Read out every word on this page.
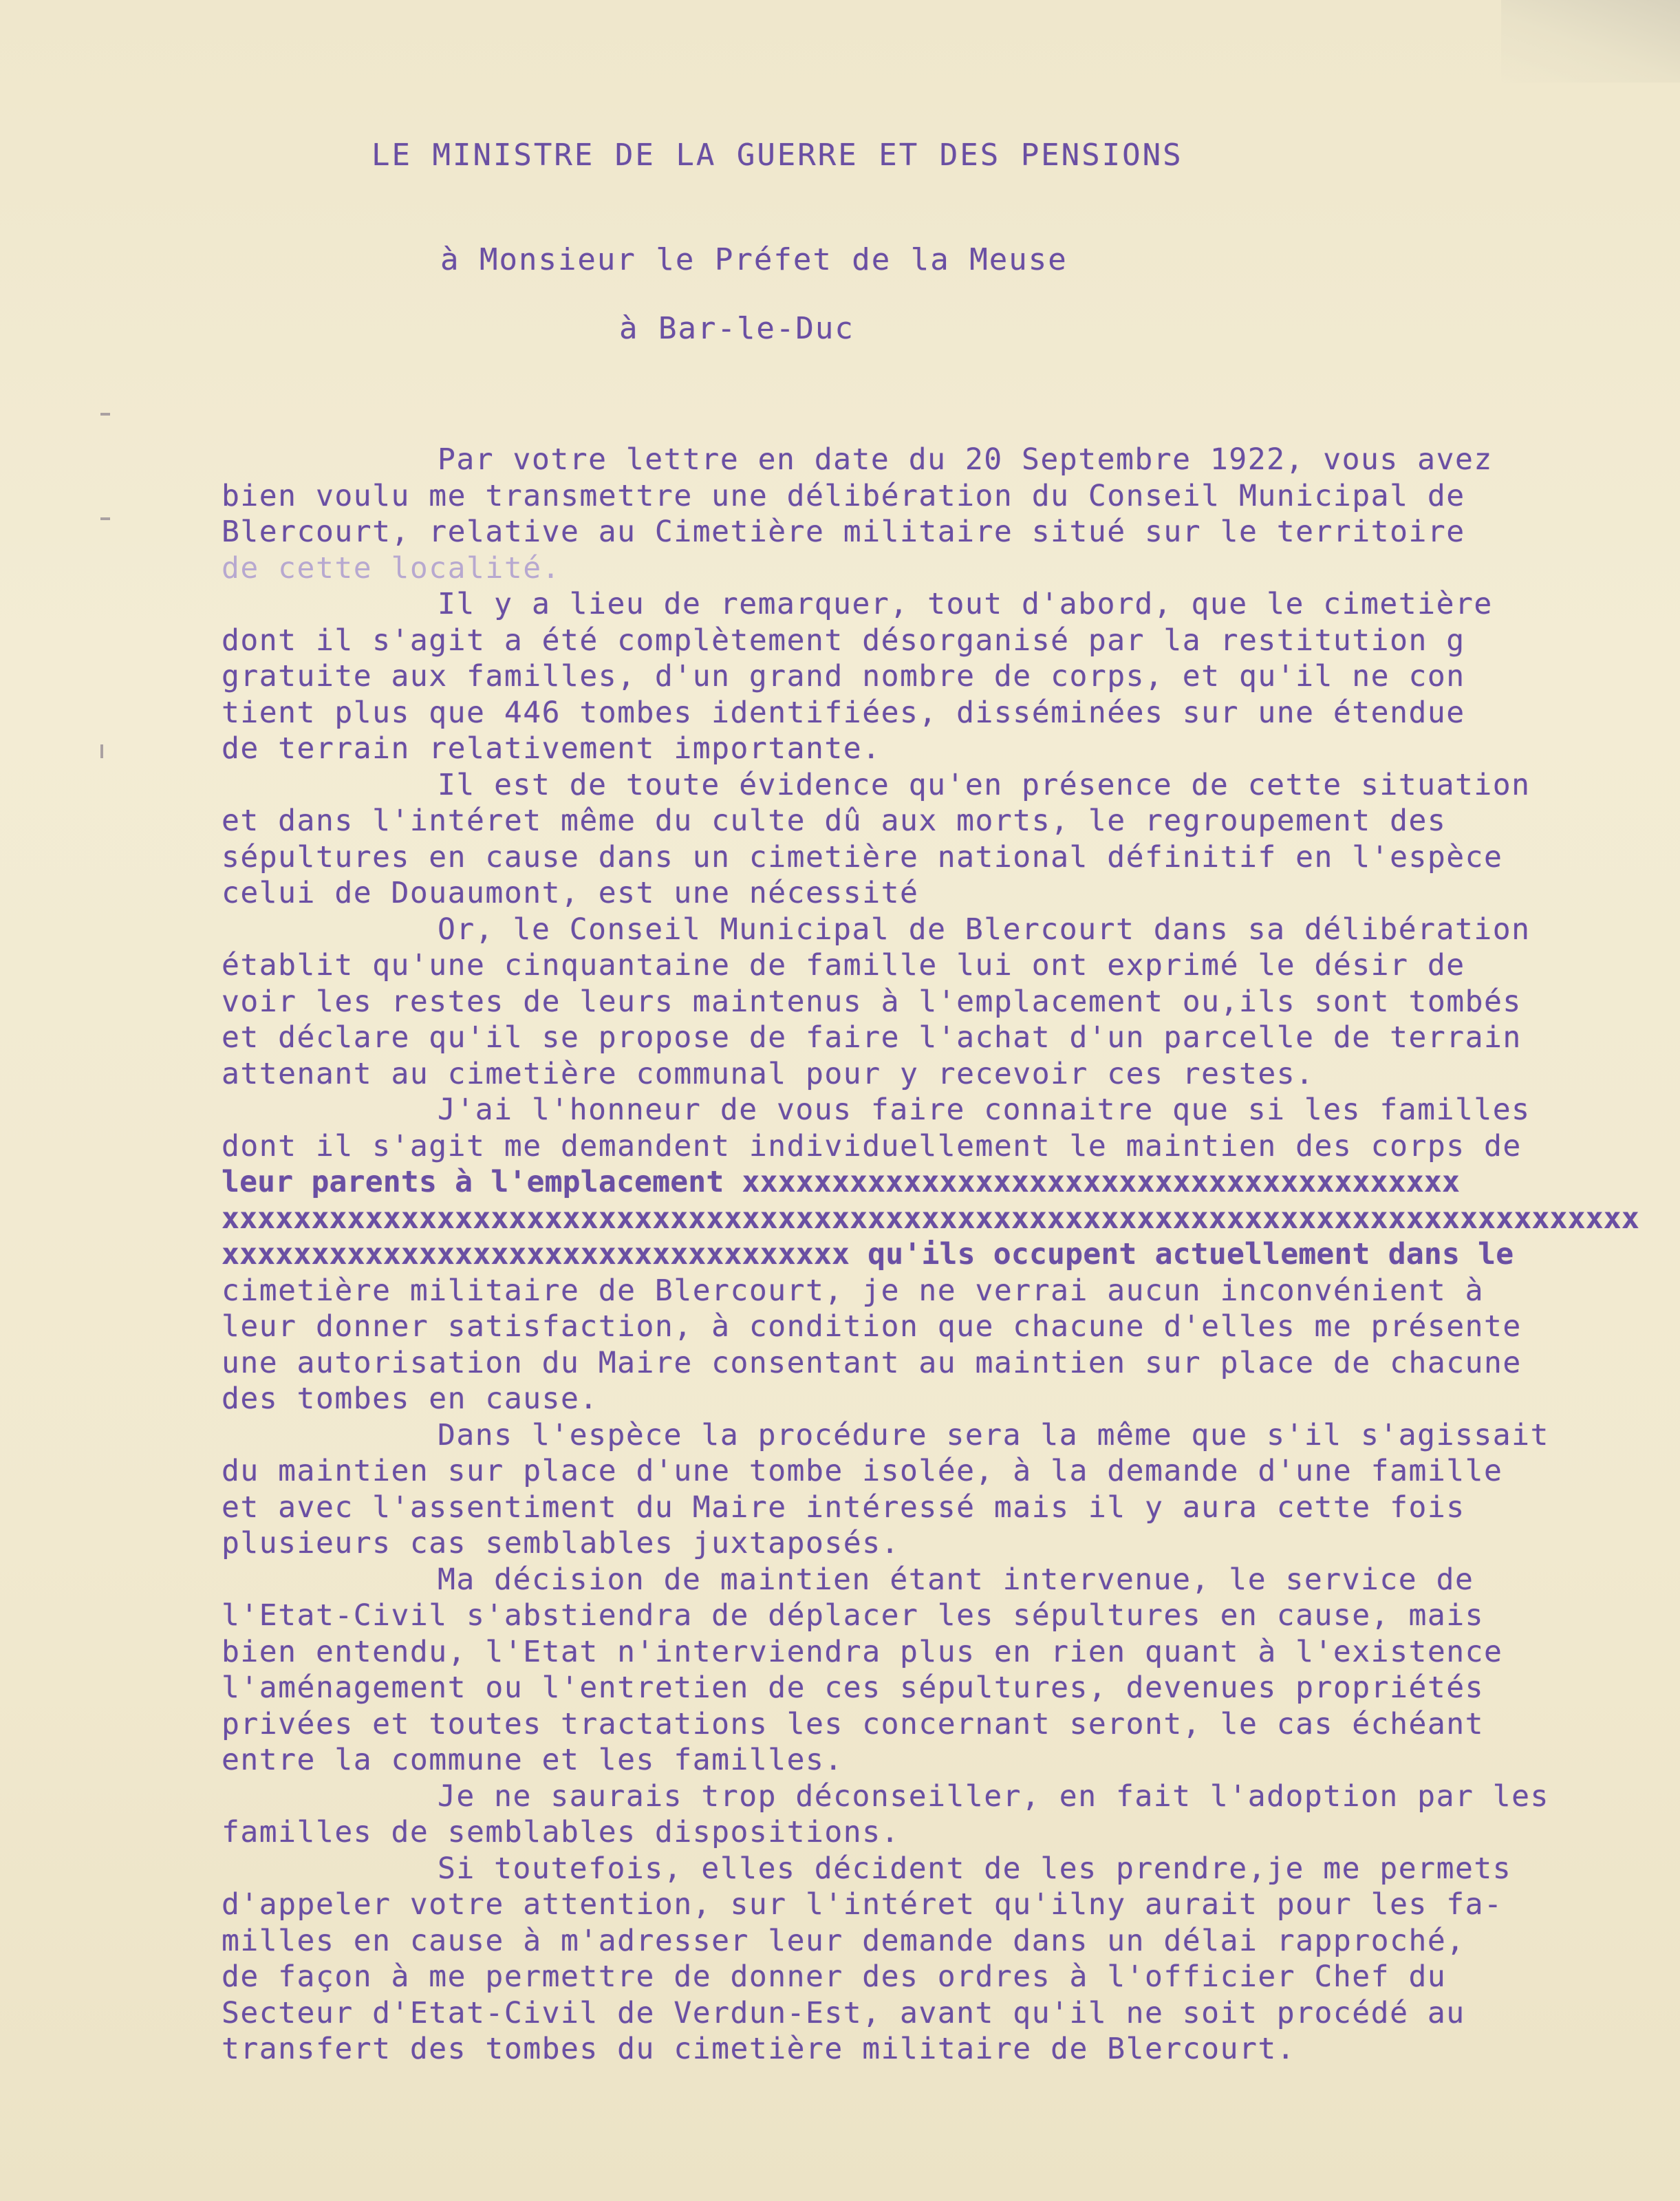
LE MINISTRE DE LA GUERRE ET DES PENSIONS
à Monsieur le Préfet de la Meuse
à Bar-le-Duc
Par votre lettre en date du 20 Septembre 1922, vous avez
bien voulu me transmettre une délibération du Conseil Municipal de
Blercourt, relative au Cimetière militaire situé sur le territoire
de cette localité.
Il y a lieu de remarquer, tout d'abord, que le cimetière
dont il s'agit a été complètement désorganisé par la restitution g
gratuite aux familles, d'un grand nombre de corps, et qu'il ne con
tient plus que 446 tombes identifiées, disséminées sur une étendue
de terrain relativement importante.
Il est de toute évidence qu'en présence de cette situation
et dans l'intéret même du culte dû aux morts, le regroupement des
sépultures en cause dans un cimetière national définitif en l'espèce
celui de Douaumont, est une nécessité
Or, le Conseil Municipal de Blercourt dans sa délibération
établit qu'une cinquantaine de famille lui ont exprimé le désir de
voir les restes de leurs maintenus à l'emplacement ou,ils sont tombés
et déclare qu'il se propose de faire l'achat d'un parcelle de terrain
attenant au cimetière communal pour y recevoir ces restes.
J'ai l'honneur de vous faire connaitre que si les familles
dont il s'agit me demandent individuellement le maintien des corps de
leur parents à l'emplacement xxxxxxxxxxxxxxxxxxxxxxxxxxxxxxxxxxxxxxxx
xxxxxxxxxxxxxxxxxxxxxxxxxxxxxxxxxxxxxxxxxxxxxxxxxxxxxxxxxxxxxxxxxxxxxxxxxxxxxxx
xxxxxxxxxxxxxxxxxxxxxxxxxxxxxxxxxxx qu'ils occupent actuellement dans le
cimetière militaire de Blercourt, je ne verrai aucun inconvénient à
leur donner satisfaction, à condition que chacune d'elles me présente
une autorisation du Maire consentant au maintien sur place de chacune
des tombes en cause.
Dans l'espèce la procédure sera la même que s'il s'agissait
du maintien sur place d'une tombe isolée, à la demande d'une famille
et avec l'assentiment du Maire intéressé mais il y aura cette fois
plusieurs cas semblables juxtaposés.
Ma décision de maintien étant intervenue, le service de
l'Etat-Civil s'abstiendra de déplacer les sépultures en cause, mais
bien entendu, l'Etat n'interviendra plus en rien quant à l'existence
l'aménagement ou l'entretien de ces sépultures, devenues propriétés
privées et toutes tractations les concernant seront, le cas échéant
entre la commune et les familles.
Je ne saurais trop déconseiller, en fait l'adoption par les
familles de semblables dispositions.
Si toutefois, elles décident de les prendre,je me permets
d'appeler votre attention, sur l'intéret qu'ilny aurait pour les fa-
milles en cause à m'adresser leur demande dans un délai rapproché,
de façon à me permettre de donner des ordres à l'officier Chef du
Secteur d'Etat-Civil de Verdun-Est, avant qu'il ne soit procédé au
transfert des tombes du cimetière militaire de Blercourt.
